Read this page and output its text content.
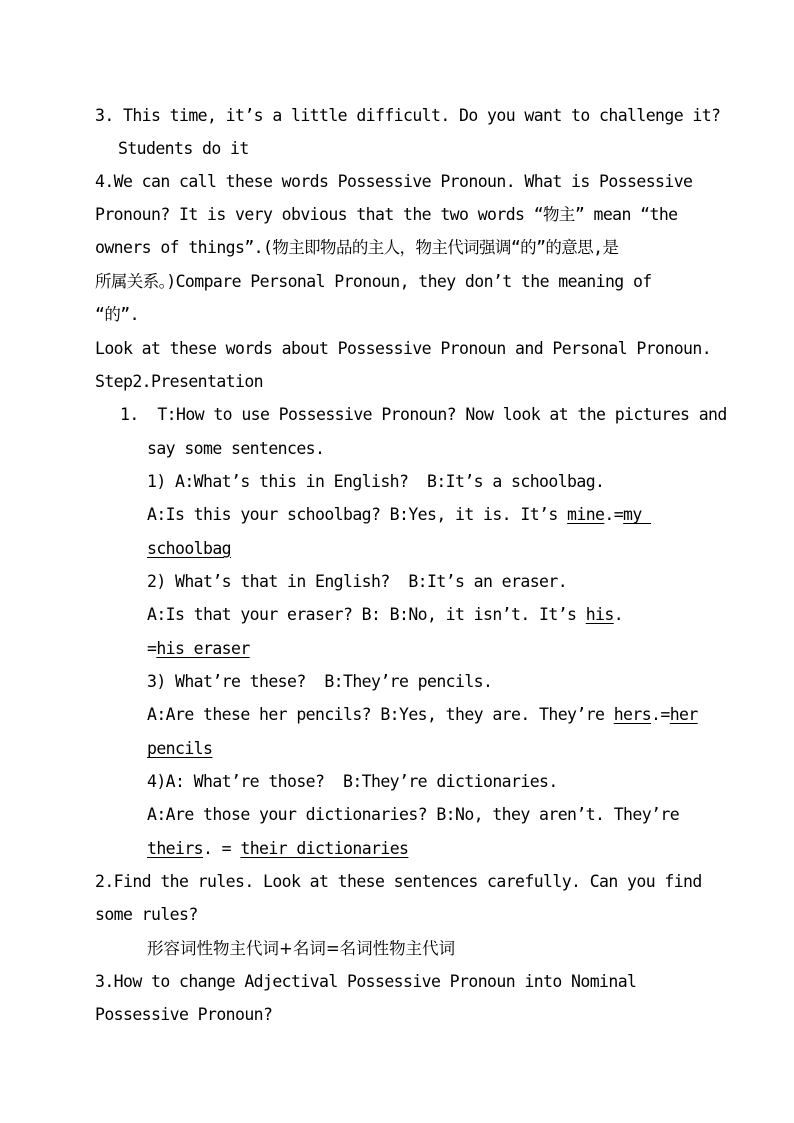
3. This time, it’s a little difficult. Do you want to challenge it?
Students do it
4.We can call these words Possessive Pronoun. What is Possessive
Pronoun? It is very obvious that the two words “物主” mean “the
owners of things”.(物主即物品的主人，物主代词强调“的”的意思,是
所属关系。)Compare Personal Pronoun, they don’t the meaning of
“的”.
Look at these words about Possessive Pronoun and Personal Pronoun.
Step2.Presentation
1.  T:How to use Possessive Pronoun? Now look at the pictures and
say some sentences.
1) A:What’s this in English?  B:It’s a schoolbag.
A:Is this your schoolbag? B:Yes, it is. It’s mine.=my
schoolbag
2) What’s that in English?  B:It’s an eraser.
A:Is that your eraser? B: B:No, it isn’t. It’s his.
=his eraser
3) What’re these?  B:They’re pencils.
A:Are these her pencils? B:Yes, they are. They’re hers.=her
pencils
4)A: What’re those?  B:They’re dictionaries.
A:Are those your dictionaries? B:No, they aren’t. They’re
theirs. = their dictionaries
2.Find the rules. Look at these sentences carefully. Can you find
some rules?
形容词性物主代词+名词=名词性物主代词
3.How to change Adjectival Possessive Pronoun into Nominal
Possessive Pronoun?
